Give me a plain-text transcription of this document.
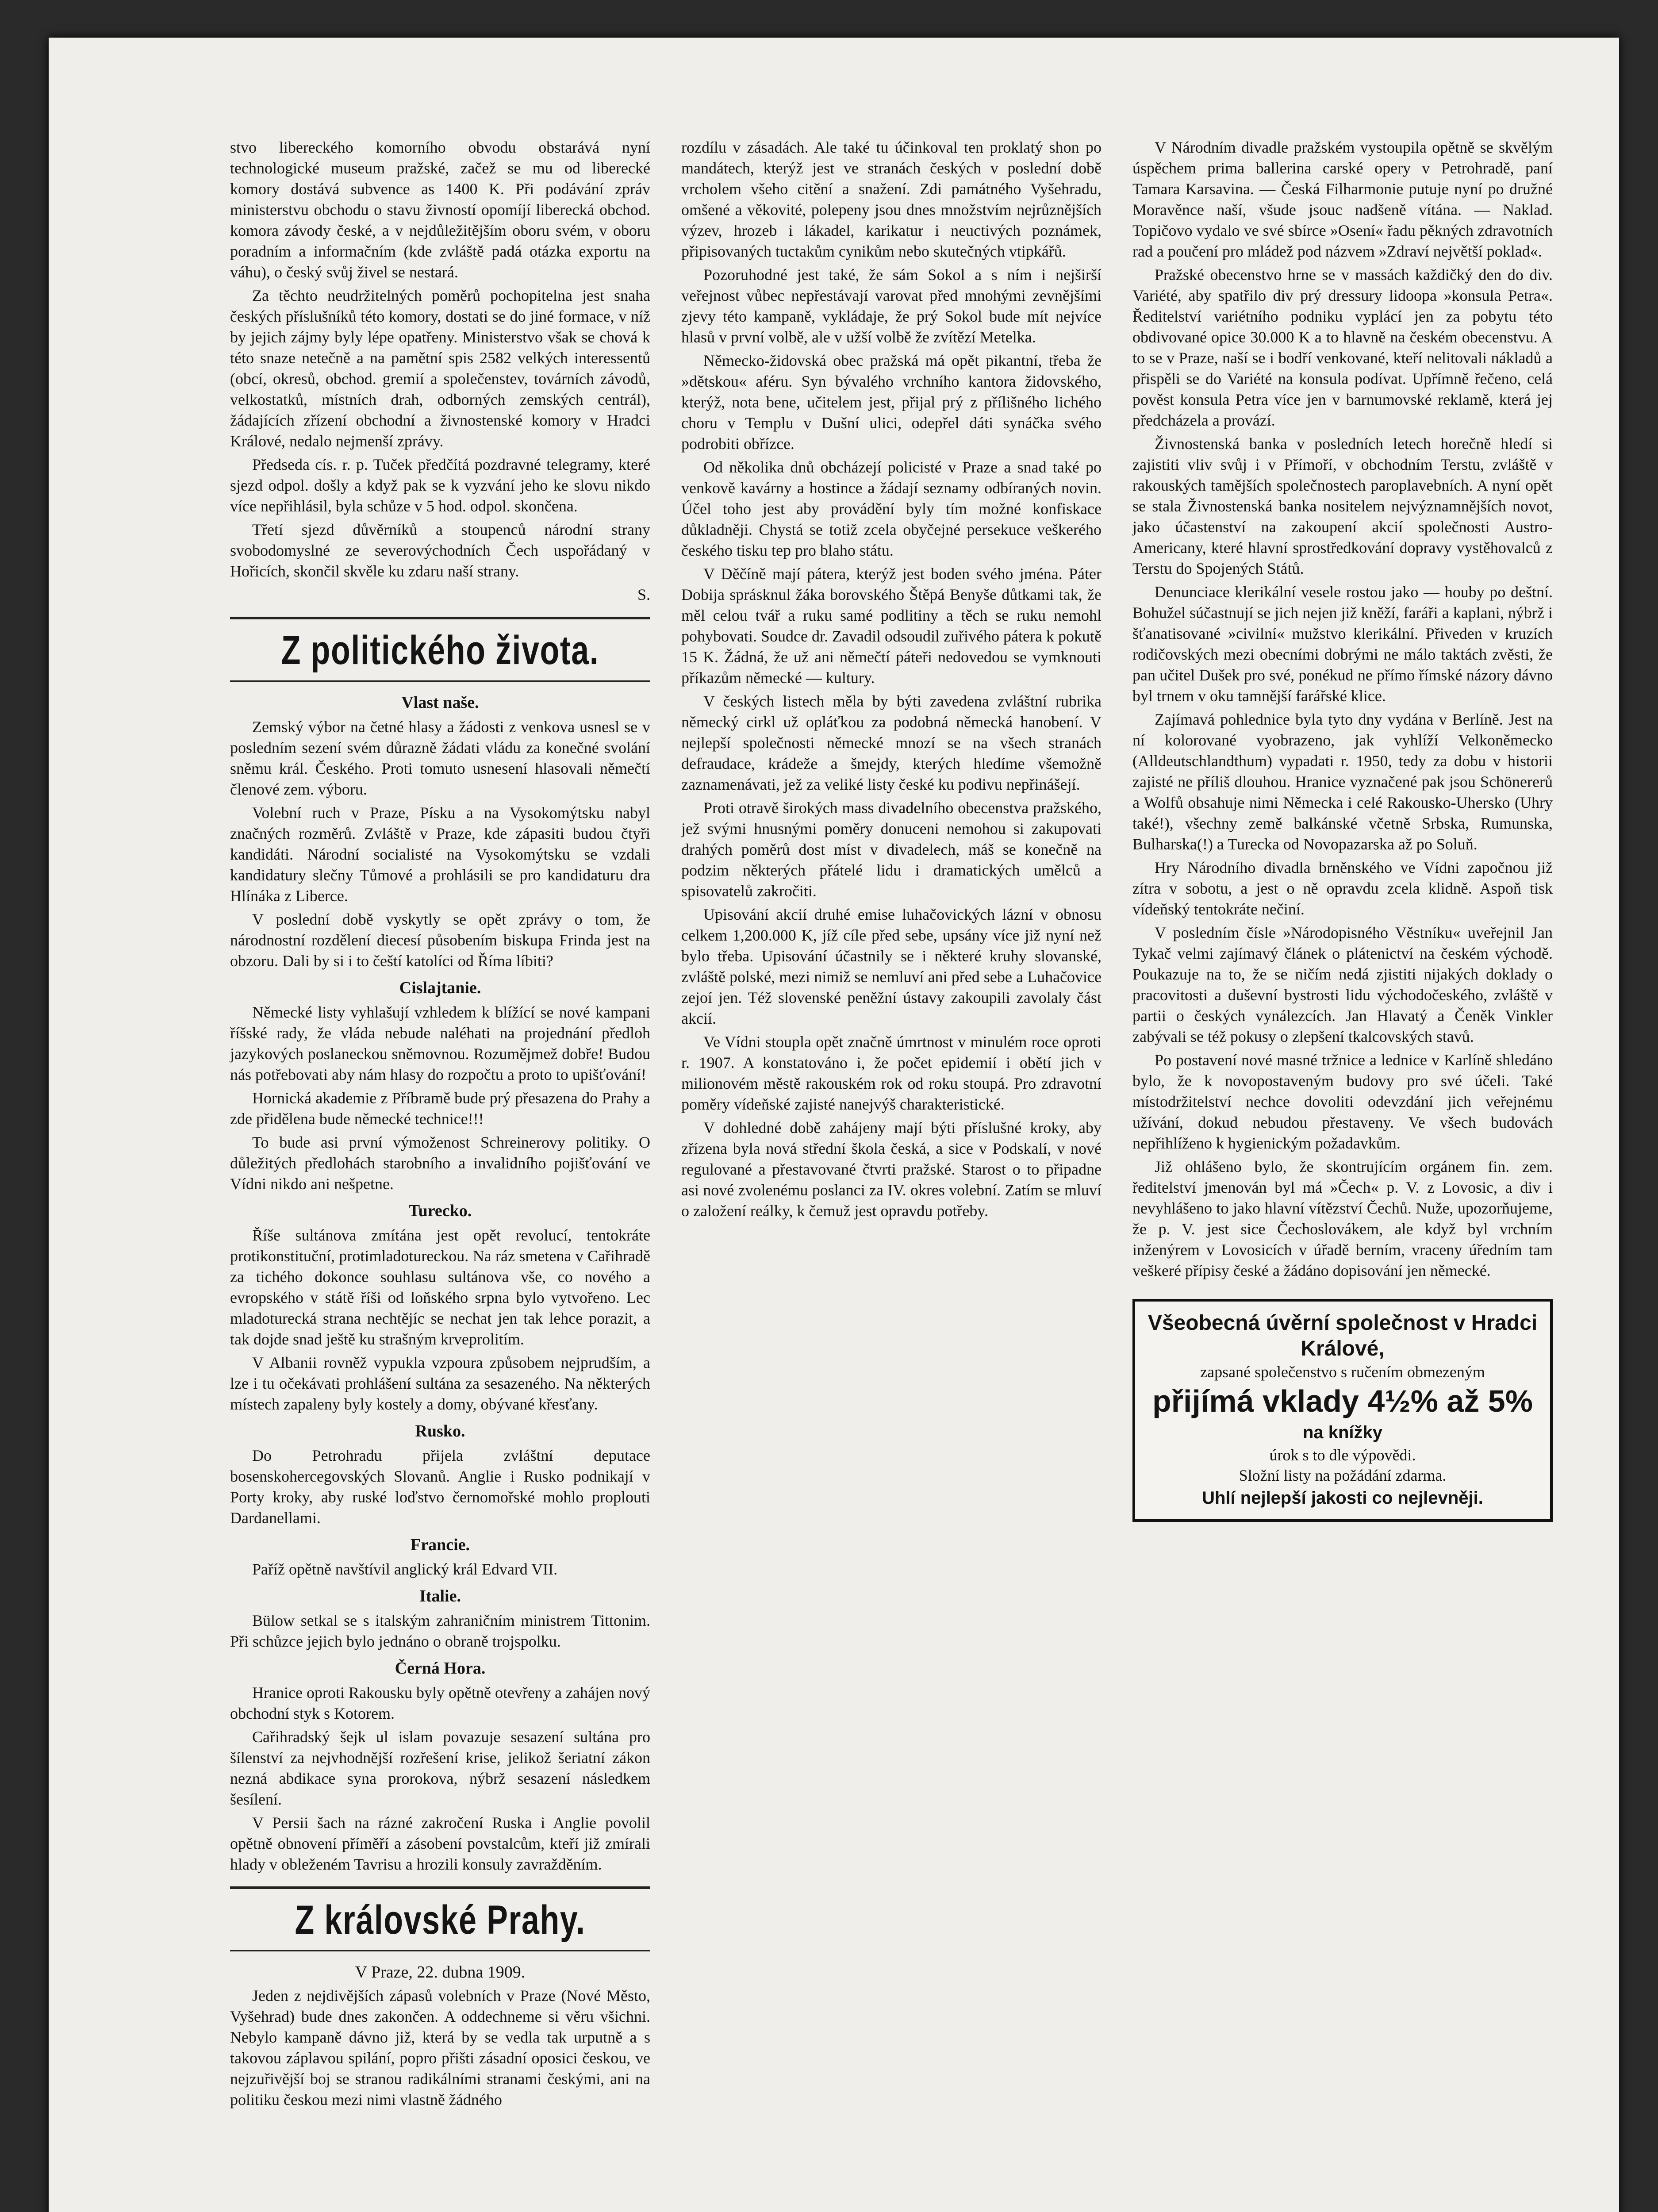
stvo libereckého komorního obvodu obstarává nyní technologické museum pražské, začež se mu od liberecké komory dostává subvence as 1400 K. Při podávání zpráv ministerstvu obchodu o stavu živností opomíjí liberecká obchod. komora závody české, a v nejdůležitějším oboru svém, v oboru poradním a informačním (kde zvláště padá otázka exportu na váhu), o český svůj živel se nestará.

Za těchto neudržitelných poměrů pochopitelna jest snaha českých příslušníků této komory, dostati se do jiné formace, v níž by jejich zájmy byly lépe opatřeny. Ministerstvo však se chová k této snaze netečně a na pamětní spis 2582 velkých interessentů (obcí, okresů, obchod. gremií a společenstev, továrních závodů, velkostatků, místních drah, odborných zemských centrál), žádajících zřízení obchodní a živnostenské komory v Hradci Králové, nedalo nejmenší zprávy.

Předseda cís. r. p. Tuček předčítá pozdravné telegramy, které sjezd odpol. došly a když pak se k vyzvání jeho ke slovu nikdo více nepřihlásil, byla schůze v 5 hod. odpol. skončena.

Třetí sjezd důvěrníků a stoupenců národní strany svobodomyslné ze severovýchodních Čech uspořádaný v Hořicích, skončil skvěle ku zdaru naší strany.

S.
Z politického života.
Vlast naše.

Zemský výbor na četné hlasy a žádosti z venkova usnesl se v posledním sezení svém důrazně žádati vládu za konečné svolání sněmu král. Českého. Proti tomuto usnesení hlasovali němečtí členové zem. výboru.

Volební ruch v Praze, Písku a na Vysokomýtsku nabyl značných rozměrů. Zvláště v Praze, kde zápasiti budou čtyři kandidáti. Národní socialisté na Vysokomýtsku se vzdali kandidatury slečny Tůmové a prohlásili se pro kandidaturu dra Hlínáka z Liberce.

V poslední době vyskytly se opět zprávy o tom, že národnostní rozdělení diecesí působením biskupa Frinda jest na obzoru. Dali by si i to čeští katolíci od Říma líbiti?

Cislajtanie.

Německé listy vyhlašují vzhledem k blížící se nové kampani říšské rady, že vláda nebude naléhati na projednání předloh jazykových poslaneckou sněmovnou. Rozumějmež dobře! Budou nás potřebovati aby nám hlasy do rozpočtu a proto to upišťování!

Hornická akademie z Příbramě bude prý přesazena do Prahy a zde přidělena bude německé technice!!!

To bude asi první výmoženost Schreinerovy politiky. O důležitých předlohách starobního a invalidního pojišťování ve Vídni nikdo ani nešpetne.

Turecko.

Říše sultánova zmítána jest opět revolucí, tentokráte protikonstituční, protimladotureckou. Na ráz smetena v Cařihradě za tichého dokonce souhlasu sultánova vše, co nového a evropského v státě říši od loňského srpna bylo vytvořeno. Lec mladoturecká strana nechtějíc se nechat jen tak lehce porazit, a tak dojde snad ještě ku strašným krveprolitím.

V Albanii rovněž vypukla vzpoura způsobem nejprudším, a lze i tu očekávati prohlášení sultána za sesazeného. Na některých místech zapaleny byly kostely a domy, obývané křesťany.

Rusko.

Do Petrohradu přijela zvláštní deputace bosenskohercegovských Slovanů. Anglie i Rusko podnikají v Porty kroky, aby ruské loďstvo černomořské mohlo proplouti Dardanellami.

Francie.

Paříž opětně navštívil anglický král Edvard VII.

Italie.

Bülow setkal se s italským zahraničním ministrem Tittonim. Při schůzce jejich bylo jednáno o obraně trojspolku.

Černá Hora.

Hranice oproti Rakousku byly opětně otevřeny a zahájen nový obchodní styk s Kotorem.

Cařihradský šejk ul islam povazuje sesazení sultána pro šílenství za nejvhodnější rozřešení krise, jelikož šeriatní zákon nezná abdikace syna prorokova, nýbrž sesazení následkem šesílení.

V Persii šach na rázné zakročení Ruska i Anglie povolil opětně obnovení příměří a zásobení povstalcům, kteří již zmírali hlady v obleženém Tavrisu a hrozili konsuly zavražděním.

Z královské Prahy.
V Praze, 22. dubna 1909.

Jeden z nejdivějších zápasů volebních v Praze (Nové Město, Vyšehrad) bude dnes zakončen. A oddechneme si věru všichni. Nebylo kampaně dávno již, která by se vedla tak urputně a s takovou záplavou spilání, popro přišti zásadní oposici českou, ve nejzuřivější boj se stranou radikálními stranami českými, ani na politiku českou mezi nimi vlastně žádného

rozdílu v zásadách. Ale také tu účinkoval ten proklatý shon po mandátech, kterýž jest ve stranách českých v poslední době vrcholem všeho citění a snažení. Zdi památného Vyšehradu, omšené a věkovité, polepeny jsou dnes množstvím nejrůznějších výzev, hrozeb i lákadel, karikatur i neuctivých poznámek, připisovaných tuctakům cynikům nebo skutečných vtipkářů.

Pozoruhodné jest také, že sám Sokol a s ním i nejširší veřejnost vůbec nepřestávají varovat před mnohými zevnějšími zjevy této kampaně, vykládaje, že prý Sokol bude mít nejvíce hlasů v první volbě, ale v užší volbě že zvítězí Metelka.

Německo-židovská obec pražská má opět pikantní, třeba že »dětskou« aféru. Syn bývalého vrchního kantora židovského, kterýž, nota bene, učitelem jest, přijal prý z přílišného lichého choru v Templu v Dušní ulici, odepřel dáti synáčka svého podrobiti obřízce.

Od několika dnů obcházejí policisté v Praze a snad také po venkově kavárny a hostince a žádají seznamy odbíraných novin. Účel toho jest aby provádění byly tím možné konfiskace důkladněji. Chystá se totiž zcela obyčejné persekuce veškerého českého tisku tep pro blaho státu.

V Děčíně mají pátera, kterýž jest boden svého jména. Páter Dobija sprásknul žáka borovského Štěpá Benyše důtkami tak, že měl celou tvář a ruku samé podlitiny a těch se ruku nemohl pohybovati. Soudce dr. Zavadil odsoudil zuřivého pátera k pokutě 15 K. Žádná, že už ani němečtí páteři nedovedou se vymknouti příkazům německé — kultury.

V českých listech měla by býti zavedena zvláštní rubrika německý cirkl už opláťkou za podobná německá hanobení. V nejlepší společnosti německé mnozí se na všech stranách defraudace, krádeže a šmejdy, kterých hledíme všemožně zaznamenávati, jež za veliké listy české ku podivu nepřinášejí.

Proti otravě širokých mass divadelního obecenstva pražského, jež svými hnusnými poměry donuceni nemohou si zakupovati drahých poměrů dost míst v divadelech, máš se konečně na podzim některých přátelé lidu i dramatických umělců a spisovatelů zakročiti.

Upisování akcií druhé emise luhačovických lázní v obnosu celkem 1,200.000 K, jíž cíle před sebe, upsány více již nyní než bylo třeba. Upisování účastnily se i některé kruhy slovanské, zvláště polské, mezi nimiž se nemluví ani před sebe a Luhačovice zejoí jen. Též slovenské peněžní ústavy zakoupili zavolaly část akcií.

Ve Vídni stoupla opět značně úmrtnost v minulém roce oproti r. 1907. A konstatováno i, že počet epidemií i obětí jich v milionovém městě rakouském rok od roku stoupá. Pro zdravotní poměry vídeňské zajisté nanejvýš charakteristické.

V dohledné době zahájeny mají býti příslušné kroky, aby zřízena byla nová střední škola česká, a sice v Podskalí, v nové regulované a přestavované čtvrti pražské. Starost o to připadne asi nové zvolenému poslanci za IV. okres volební. Zatím se mluví o založení reálky, k čemuž jest opravdu potřeby.

V Národním divadle pražském vystoupila opětně se skvělým úspěchem prima ballerina carské opery v Petrohradě, paní Tamara Karsavina. — Česká Filharmonie putuje nyní po družné Moravěnce naší, všude jsouc nadšeně vítána. — Naklad. Topičovo vydalo ve své sbírce »Osení« řadu pěkných zdravotních rad a poučení pro mládež pod názvem »Zdraví největší poklad«.

Pražské obecenstvo hrne se v massách každičký den do div. Variété, aby spatřilo div prý dressury lidoopa »konsula Petra«. Ředitelství variétního podniku vyplácí jen za pobytu této obdivované opice 30.000 K a to hlavně na českém obecenstvu. A to se v Praze, naší se i bodří venkované, kteří nelitovali nákladů a přispěli se do Variété na konsula podívat. Upřímně řečeno, celá pověst konsula Petra více jen v barnumovské reklamě, která jej předcházela a provází.

Živnostenská banka v posledních letech horečně hledí si zajistiti vliv svůj i v Přímoří, v obchodním Terstu, zvláště v rakouských tamějších společnostech paroplavebních. A nyní opět se stala Živnostenská banka nositelem nejvýznamnějších novot, jako účastenství na zakoupení akcií společnosti Austro-Americany, které hlavní sprostředkování dopravy vystěhovalců z Terstu do Spojených Států.

Denunciace klerikální vesele rostou jako — houby po deštní. Bohužel súčastnují se jich nejen již kněží, faráři a kaplani, nýbrž i šťanatisované »civilní« mužstvo klerikální. Přiveden v kruzích rodičovských mezi obecními dobrými ne málo taktách zvěsti, že pan učitel Dušek pro své, ponékud ne přímo římské názory dávno byl trnem v oku tamnější farářské klice.

Zajímavá pohlednice byla tyto dny vydána v Berlíně. Jest na ní kolorované vyobrazeno, jak vyhlíží Velkoněmecko (Alldeutschlandthum) vypadati r. 1950, tedy za dobu v historii zajisté ne příliš dlouhou. Hranice vyznačené pak jsou Schönererů a Wolfů obsahuje nimi Německa i celé Rakousko-Uhersko (Uhry také!), všechny země balkánské včetně Srbska, Rumunska, Bulharska(!) a Turecka od Novopazarska až po Soluň.

Hry Národního divadla brněnského ve Vídni započnou již zítra v sobotu, a jest o ně opravdu zcela klidně. Aspoň tisk vídeňský tentokráte nečiní.

V posledním čísle »Národopisného Věstníku« uveřejnil Jan Tykač velmi zajímavý článek o plátenictví na českém východě. Poukazuje na to, že se ničím nedá zjistiti nijakých doklady o pracovitosti a duševní bystrosti lidu východočeského, zvláště v partii o českých vynálezcích. Jan Hlavatý a Čeněk Vinkler zabývali se též pokusy o zlepšení tkalcovských stavů.

Po postavení nové masné tržnice a lednice v Karlíně shledáno bylo, že k novopostaveným budovy pro své účeli. Také místodržitelství nechce dovoliti odevzdání jich veřejnému užívání, dokud nebudou přestaveny. Ve všech budovách nepřihlíženo k hygienickým požadavkům.

Již ohlášeno bylo, že skontrujícím orgánem fin. zem. ředitelství jmenován byl má »Čech« p. V. z Lovosic, a div i nevyhlášeno to jako hlavní vítězství Čechů. Nuže, upozorňujeme, že p. V. jest sice Čechoslovákem, ale když byl vrchním inženýrem v Lovosicích v úřadě berním, vraceny úředním tam veškeré přípisy české a žádáno dopisování jen německé.

Všeobecná úvěrní společnost v Hradci Králové,
zapsané společenstvo s ručením obmezeným
přijímá vklady 4½% až 5%
na knížky
úrok s to dle výpovědi.
Složní listy na požádání zdarma.
Uhlí nejlepší jakosti co nejlevněji.
